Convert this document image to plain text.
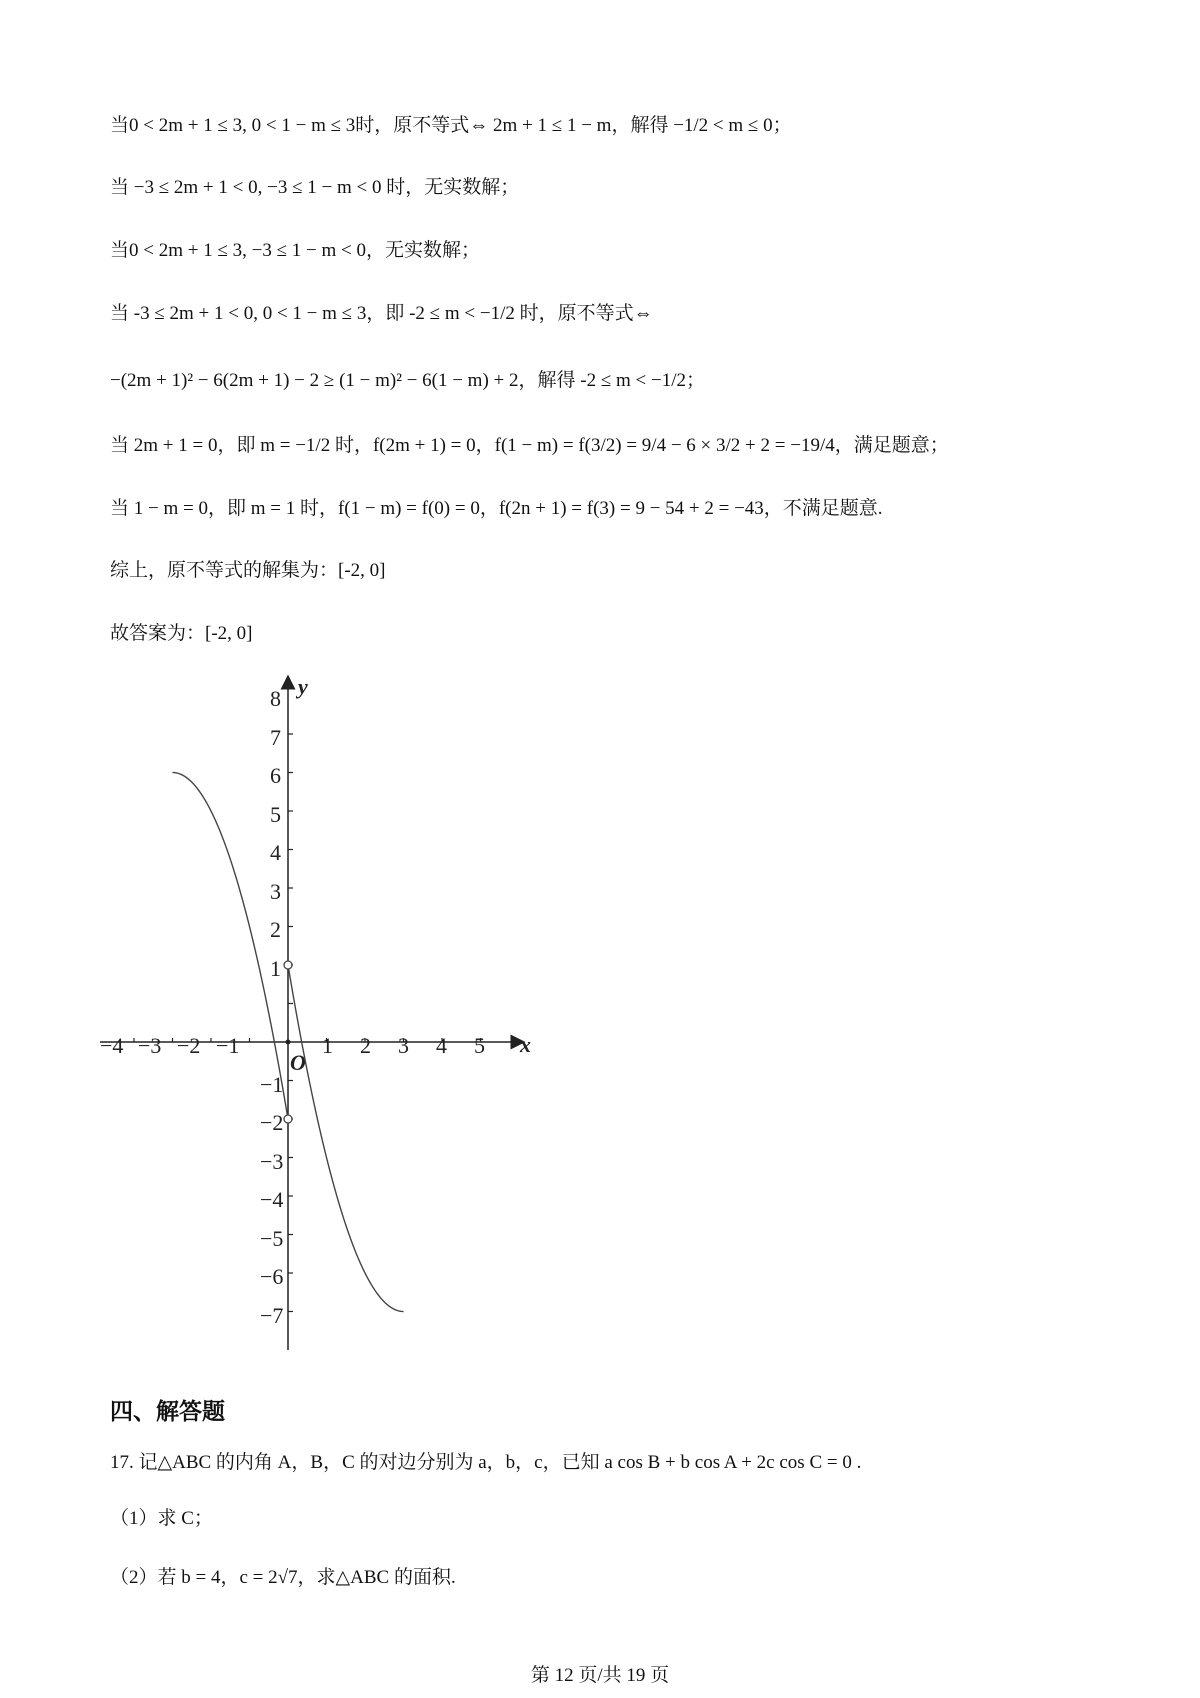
当0 < 2m + 1 ≤ 3, 0 < 1 − m ≤ 3时，原不等式⇔ 2m + 1 ≤ 1 − m，解得 −1/2 < m ≤ 0；
当 −3 ≤ 2m + 1 < 0, −3 ≤ 1 − m < 0 时，无实数解；
当0 < 2m + 1 ≤ 3, −3 ≤ 1 − m < 0，无实数解；
当 -3 ≤ 2m + 1 < 0, 0 < 1 − m ≤ 3，即 -2 ≤ m < −1/2 时，原不等式⇔
−(2m + 1)² − 6(2m + 1) − 2 ≥ (1 − m)² − 6(1 − m) + 2，解得 -2 ≤ m < −1/2；
当 2m + 1 = 0，即 m = −1/2 时，f(2m + 1) = 0，f(1 − m) = f(3/2) = 9/4 − 6 × 3/2 + 2 = −19/4，满足题意；
当 1 − m = 0，即 m = 1 时，f(1 − m) = f(0) = 0，f(2n + 1) = f(3) = 9 − 54 + 2 = −43，不满足题意.
综上，原不等式的解集为：[-2, 0]
故答案为：[-2, 0]
x
y
O
−4 −3 −2 −1	1 2 3 4 5
8
7
6
5
4
3
2
1
−1
−2
−3
−4
−5
−6
−7
四、解答题
17. 记△ABC 的内角 A，B，C 的对边分别为 a，b，c，已知 a cos B + b cos A + 2c cos C = 0 .
（1）求 C；
（2）若 b = 4，c = 2√7，求△ABC 的面积.
第 12 页/共 19 页
